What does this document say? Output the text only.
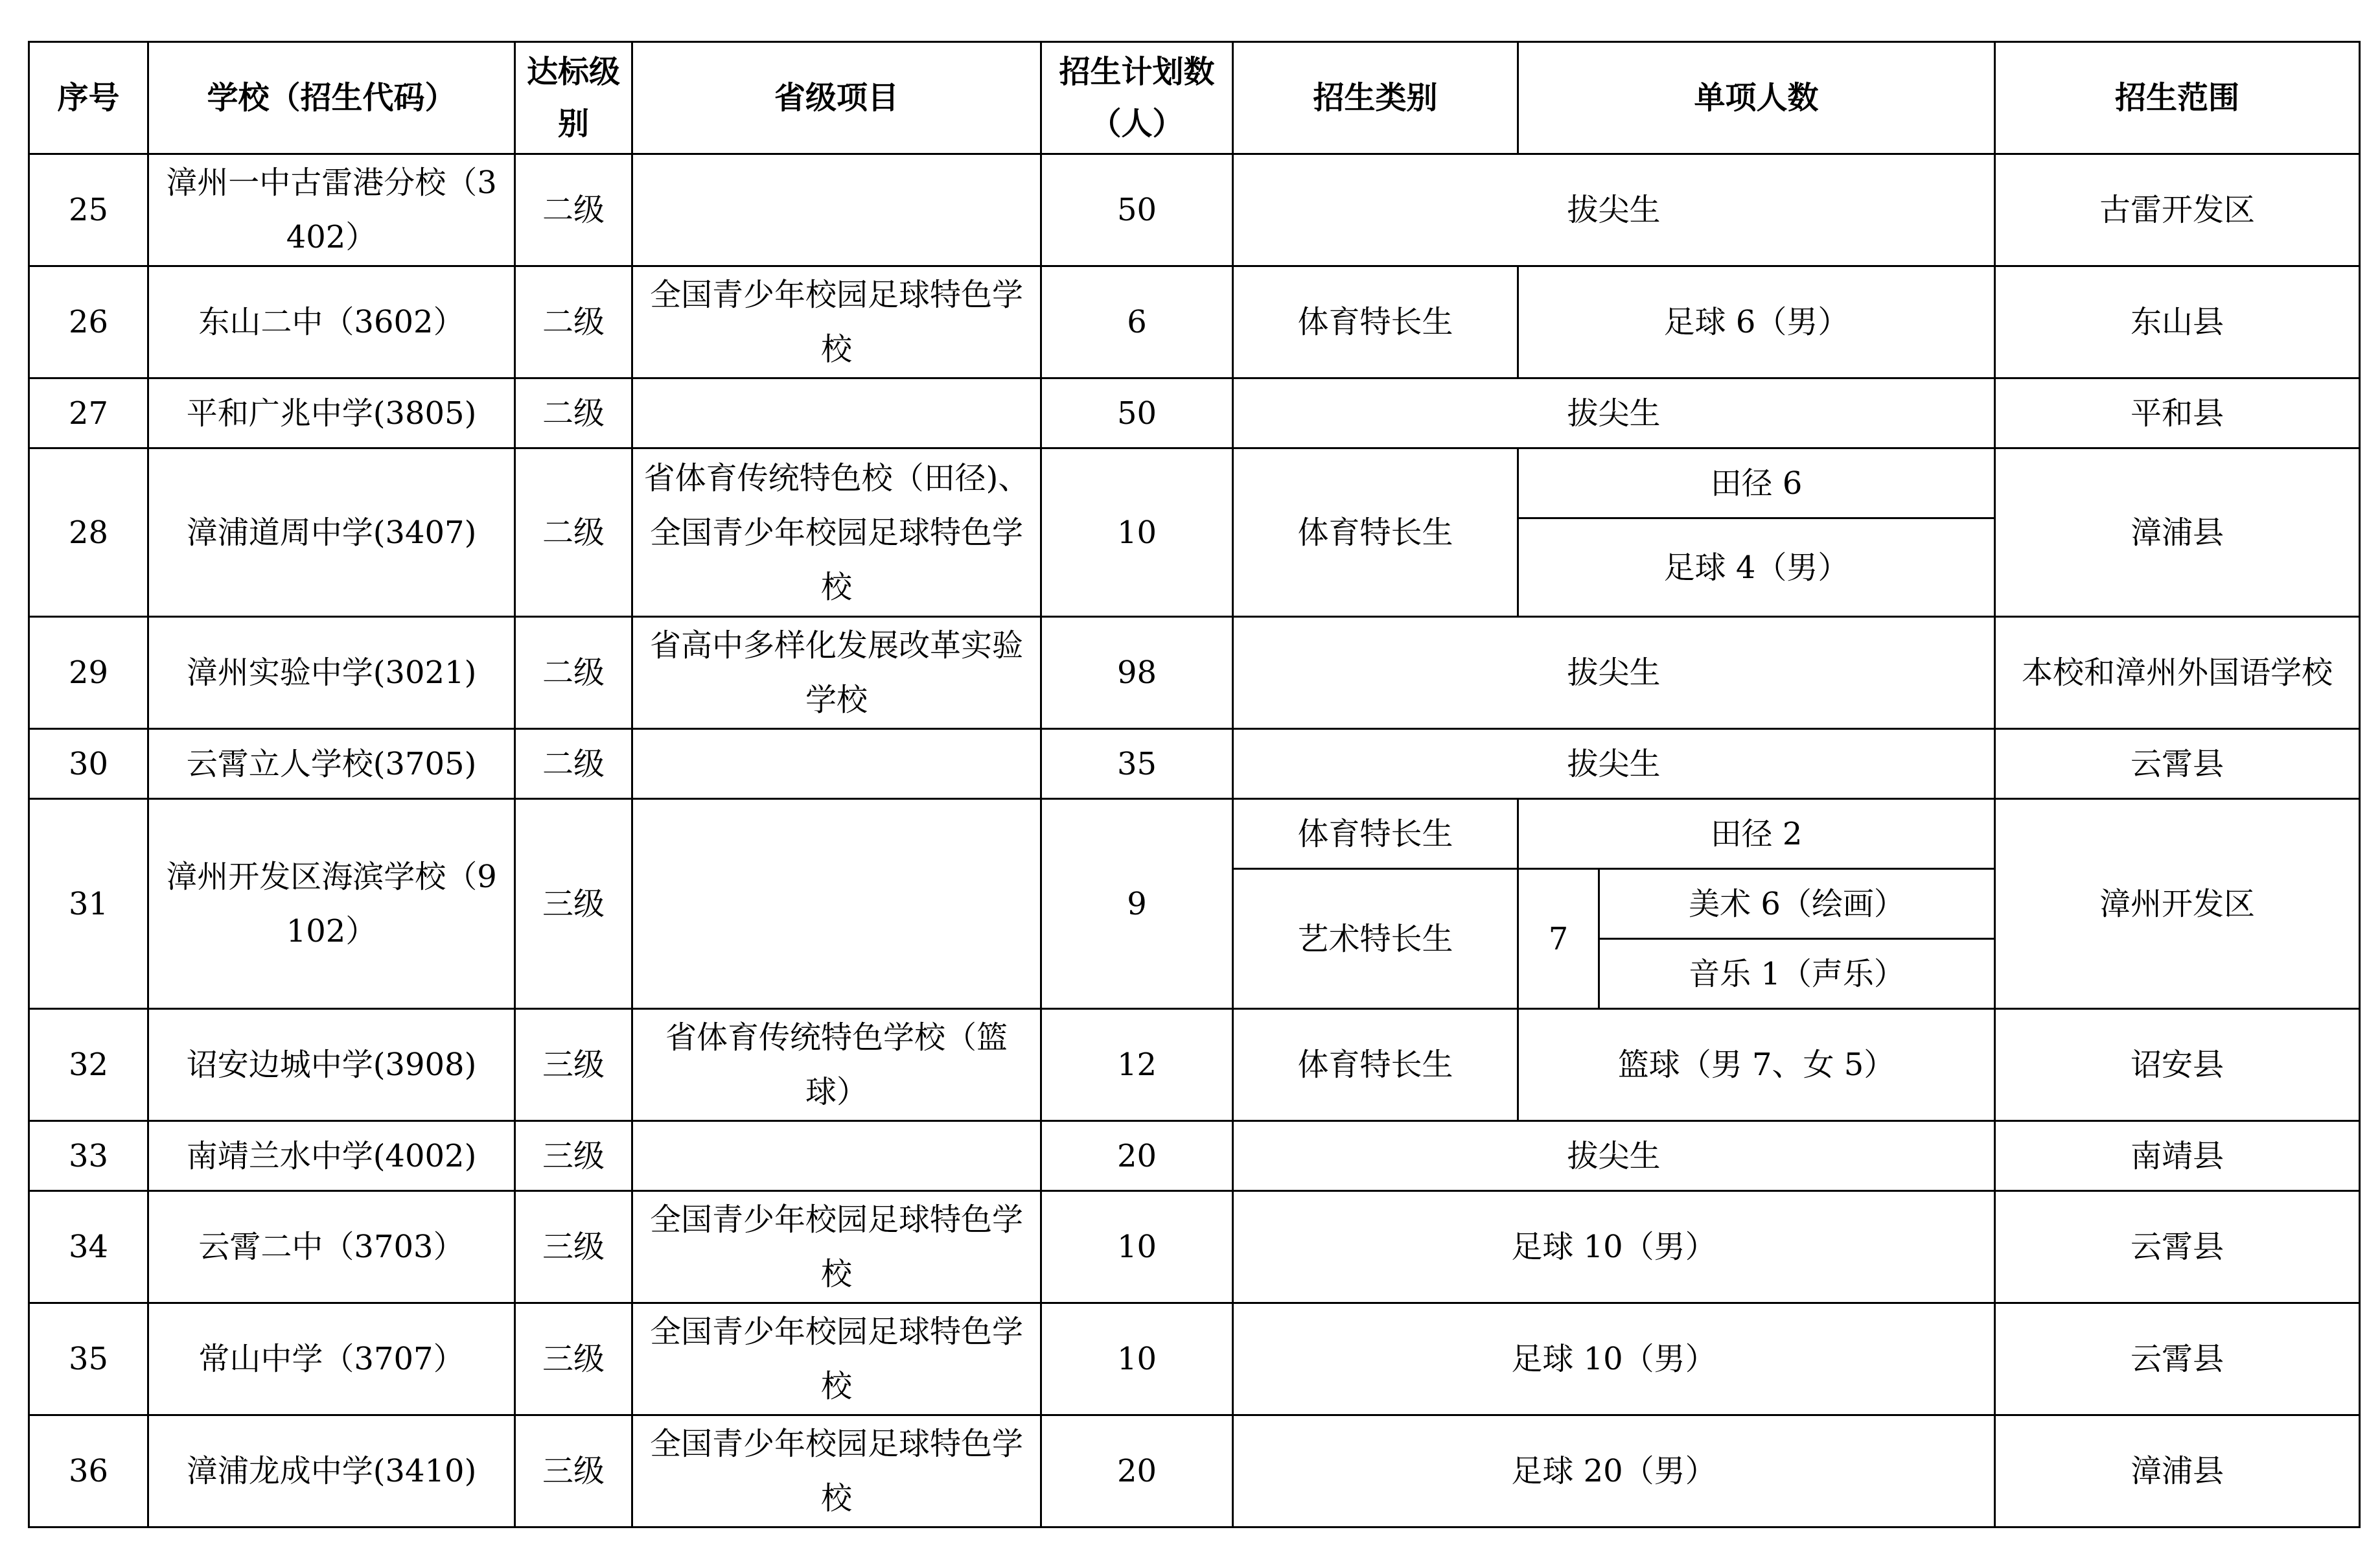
序号	学校（招生代码）	达标级别	省级项目	招生计划数（人）	招生类别	单项人数		招生范围
25	漳州一中古雷港分校（3402）	二级		50	拔尖生			古雷开发区
26	东山二中（3602）	二级	全国青少年校园足球特色学校	6	体育特长生	足球 6（男）		东山县
27	平和广兆中学(3805)	二级		50	拔尖生			平和县
28	漳浦道周中学(3407)	二级	省体育传统特色校（田径)、全国青少年校园足球特色学校	10	体育特长生	田径 6		漳浦县
						足球 4（男）		
29	漳州实验中学(3021)	二级	省高中多样化发展改革实验学校	98	拔尖生			本校和漳州外国语学校
30	云霄立人学校(3705)	二级		35	拔尖生			云霄县
31	漳州开发区海滨学校（9102）	三级		9	体育特长生	田径 2		漳州开发区
					艺术特长生	7	美术 6（绘画）	
							音乐 1（声乐）	
32	诏安边城中学(3908)	三级	省体育传统特色学校（篮球）	12	体育特长生	篮球（男 7、女 5）		诏安县
33	南靖兰水中学(4002)	三级		20	拔尖生			南靖县
34	云霄二中（3703）	三级	全国青少年校园足球特色学校	10	足球 10（男）			云霄县
35	常山中学（3707）	三级	全国青少年校园足球特色学校	10	足球 10（男）			云霄县
36	漳浦龙成中学(3410)	三级	全国青少年校园足球特色学校	20	足球 20（男）			漳浦县
